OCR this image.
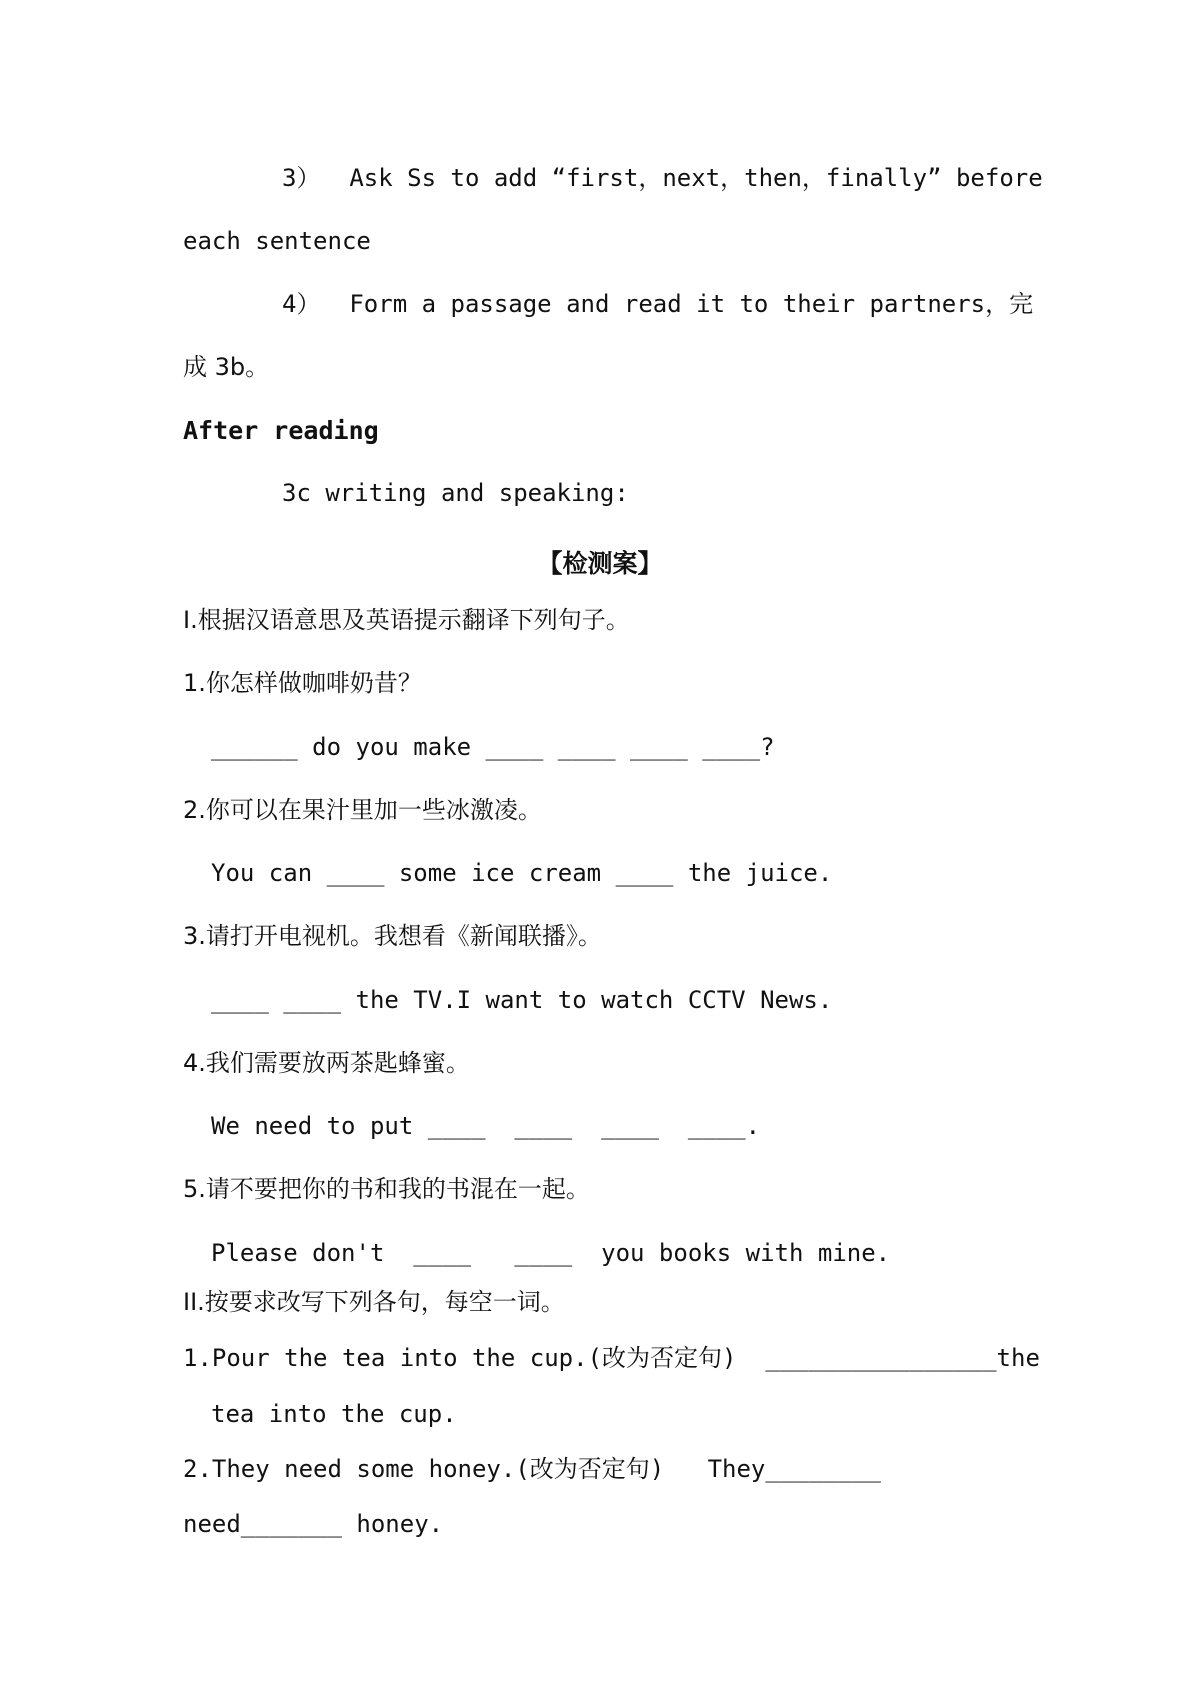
3）  Ask Ss to add “first，next，then，finally” before
each sentence
4）  Form a passage and read it to their partners，完
成 3b。
After reading
3c writing and speaking:
【检测案】
I.根据汉语意思及英语提示翻译下列句子。
1.你怎样做咖啡奶昔？
______ do you make ____ ____ ____ ____?
2.你可以在果汁里加一些冰激凌。
You can ____ some ice cream ____ the juice.
3.请打开电视机。我想看《新闻联播》。
____ ____ the TV.I want to watch CCTV News.
4.我们需要放两茶匙蜂蜜。
We need to put ____  ____  ____  ____.
5.请不要把你的书和我的书混在一起。
Please don't  ____   ____  you books with mine.
II.按要求改写下列各句，每空一词。
1.Pour the tea into the cup.(改为否定句)  ________________the
tea into the cup.
2.They need some honey.(改为否定句)   They________
need_______ honey.
